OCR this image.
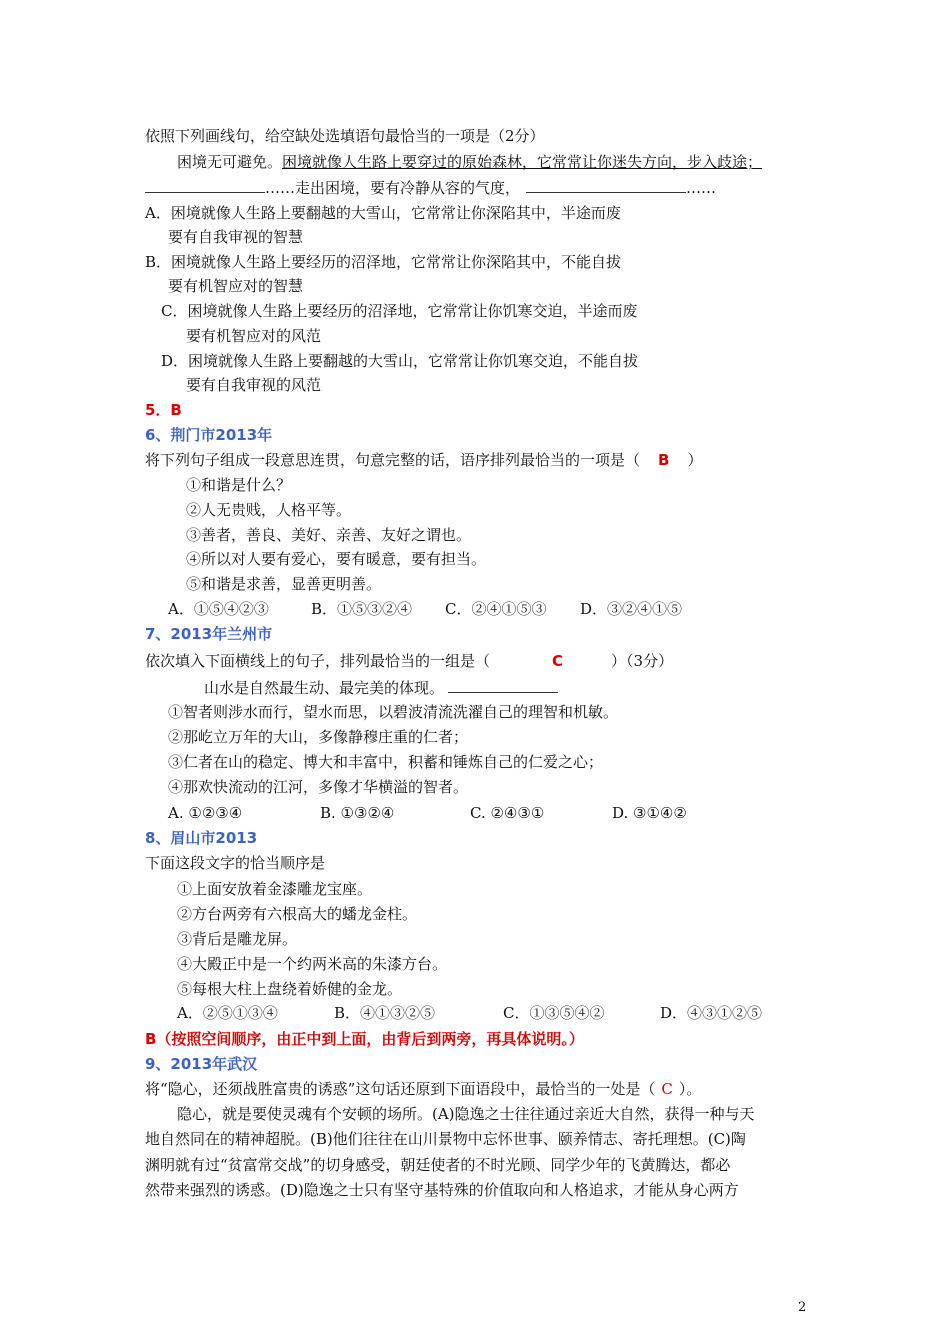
依照下列画线句，给空缺处选填语句最恰当的一项是（2分）
困境无可避免。困境就像人生路上要穿过的原始森林，它常常让你迷失方向，步入歧途；
……走出困境，要有冷静从容的气度，	……
A．困境就像人生路上要翻越的大雪山，它常常让你深陷其中，半途而废
要有自我审视的智慧
B．困境就像人生路上要经历的沼泽地，它常常让你深陷其中，不能自拔
要有机智应对的智慧
C．困境就像人生路上要经历的沼泽地，它常常让你饥寒交迫，半途而废
要有机智应对的风范
D．困境就像人生路上要翻越的大雪山，它常常让你饥寒交迫，不能自拔
要有自我审视的风范
5．B
6、荆门市2013年
将下列句子组成一段意思连贯，句意完整的话，语序排列最恰当的一项是（ B ）
①和谐是什么？
②人无贵贱，人格平等。
③善者，善良、美好、亲善、友好之谓也。
④所以对人要有爱心，要有暖意，要有担当。
⑤和谐是求善，显善更明善。
A．①⑤④②③	B．①⑤③②④ C．②④①⑤③ D．③②④①⑤
7、2013年兰州市
依次填入下面横线上的句子，排列最恰当的一组是（	C	）（3分）
山水是自然最生动、最完美的体现。
①智者则涉水而行，望水而思，以碧波清流洗濯自己的理智和机敏。
②那屹立万年的大山，多像静穆庄重的仁者；
③仁者在山的稳定、博大和丰富中，积蓄和锤炼自己的仁爱之心；
④那欢快流动的江河，多像才华横溢的智者。
A. ①②③④	B. ①③②④	C. ②④③①	D. ③①④②
8、眉山市2013
下面这段文字的恰当顺序是
①上面安放着金漆雕龙宝座。
②方台两旁有六根高大的蟠龙金柱。
③背后是雕龙屏。
④大殿正中是一个约两米高的朱漆方台。
⑤每根大柱上盘绕着娇健的金龙。
A．②⑤①③④	B．④①③②⑤	C．①③⑤④②	D．④③①②⑤
B（按照空间顺序，由正中到上面，由背后到两旁，再具体说明。）
9、2013年武汉
将“隐心，还须战胜富贵的诱惑”这句话还原到下面语段中，最恰当的一处是（ C ）。
隐心，就是要使灵魂有个安顿的场所。(A)隐逸之士往往通过亲近大自然，获得一种与天
地自然同在的精神超脱。(B)他们往往在山川景物中忘怀世事、颐养情志、寄托理想。(C)陶
渊明就有过“贫富常交战”的切身感受，朝廷使者的不时光顾、同学少年的飞黄腾达，都必
然带来强烈的诱惑。(D)隐逸之士只有坚守基特殊的价值取向和人格追求，才能从身心两方
2
